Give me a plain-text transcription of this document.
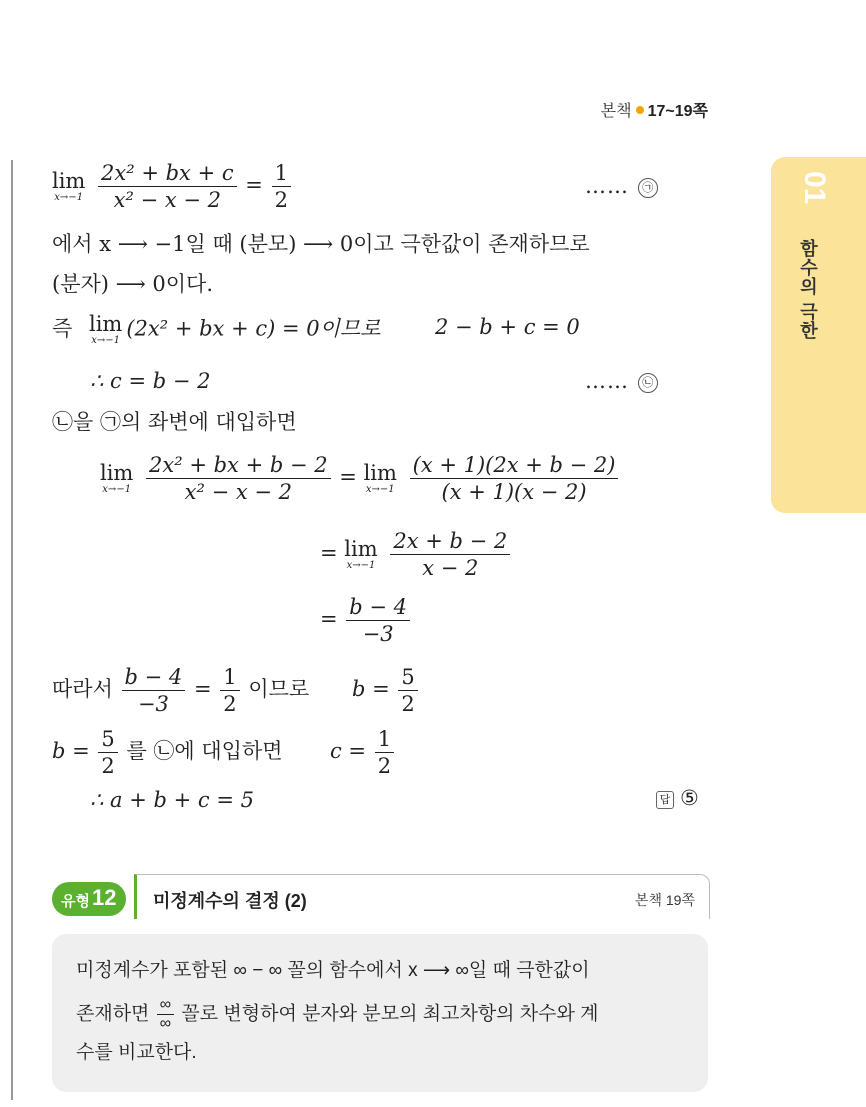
본책 17~19쪽
01
함수의 극한
lim
x→−1
$\frac{\text{2x² + bx + c}}{\text{x² − x − 2}} = \frac{1}{2}$	…… ㉠
에서 x ⟶ −1일 때 (분모) ⟶ 0이고 극한값이 존재하므로
(분자) ⟶ 0이다.
즉 lim
x→−1 (2x² + bx + c) = 0이므로	2 − b + c = 0
∴ c = b − 2	…… ㉡
㉡을 ㉠의 좌변에 대입하면
lim
x→−1
$\frac{\text{2x² + bx + b − 2}}{\text{x² − x − 2}} = \lim$
x→−1
$\frac{(x + 1)(2x + b - 2)}{(x + 1)(x - 2)}$
= lim
x→−1
$\frac{2x + b - 2}{x - 2}$
= $\frac{b - 4}{-3}$
따라서 $\frac{b - 4}{-3} = \frac{1}{2}$ 이므로 $b = \frac{5}{2}$
$b = \frac{5}{2}$ 를 ㉡에 대입하면 $c = \frac{1}{2}$
∴ a + b + c = 5	답 ⑤
유형 12 미정계수의 결정 (2)	본책 19쪽
미정계수가 포함된 ∞ − ∞ 꼴의 함수에서 x ⟶ ∞일 때 극한값이
존재하면 $\frac{\infty}{\infty}$ 꼴로 변형하여 분자와 분모의 최고차항의 차수와 계
수를 비교한다.
